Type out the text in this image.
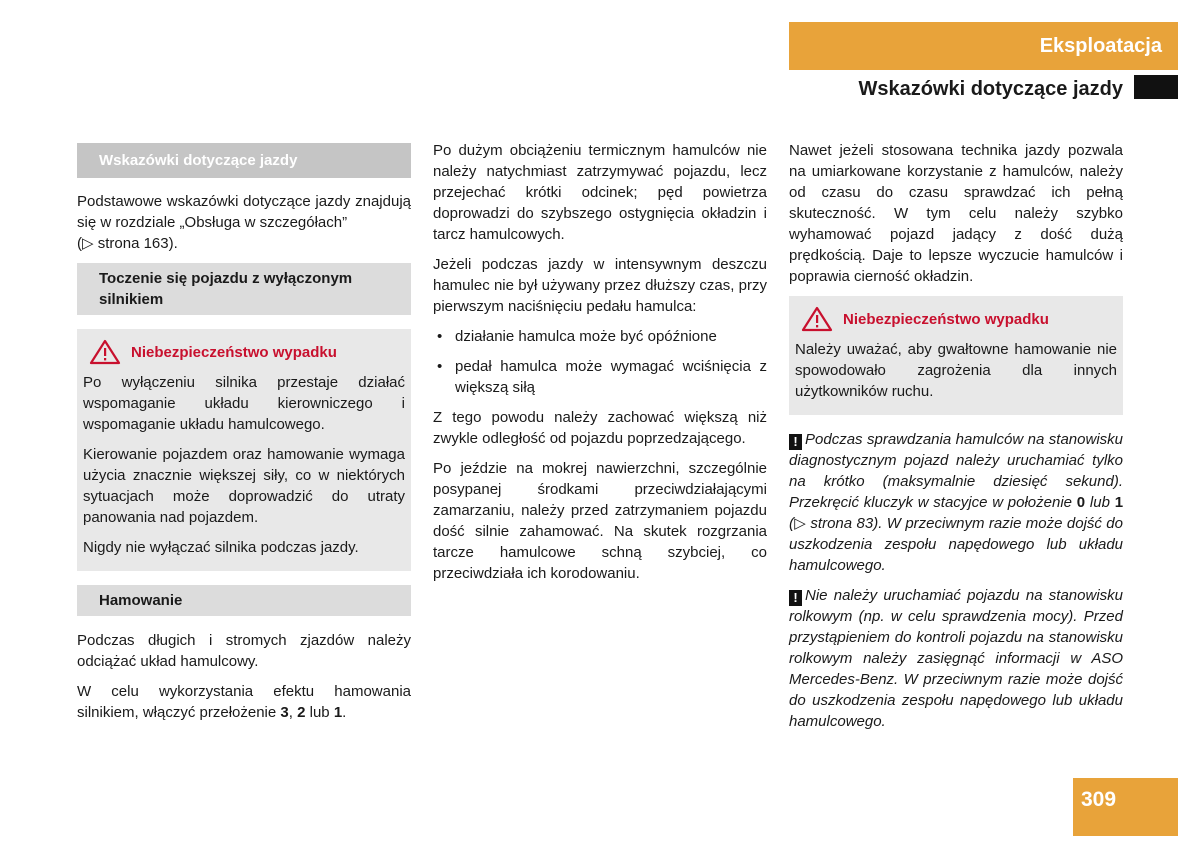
Eksploatacja
Wskazówki dotyczące jazdy
Wskazówki dotyczące jazdy

Podstawowe wskazówki dotyczące jazdy znajdują się w rozdziale „Obsługa w szczegółach”
(▷ strona 163).

Toczenie się pojazdu z wyłączonym silnikiem
Niebezpieczeństwo wypadku

Po wyłączeniu silnika przestaje działać wspomaganie układu kierowniczego i wspomaganie układu hamulcowego.

Kierowanie pojazdem oraz hamowanie wymaga użycia znacznie większej siły, co w niektórych sytuacjach może doprowadzić do utraty panowania nad pojazdem.

Nigdy nie wyłączać silnika podczas jazdy.

Hamowanie

Podczas długich i stromych zjazdów należy odciążać układ hamulcowy.

W celu wykorzystania efektu hamowania silnikiem, włączyć przełożenie 3, 2 lub 1.

Po dużym obciążeniu termicznym hamulców nie należy natychmiast zatrzymywać pojazdu, lecz przejechać krótki odcinek; pęd powietrza doprowadzi do szybszego ostygnięcia okładzin i tarcz hamulcowych.

Jeżeli podczas jazdy w intensywnym deszczu hamulec nie był używany przez dłuższy czas, przy pierwszym naciśnięciu pedału hamulca:

• działanie hamulca może być opóźnione
• pedał hamulca może wymagać wciśnięcia z większą siłą

Z tego powodu należy zachować większą niż zwykle odległość od pojazdu poprzedzającego.

Po jeździe na mokrej nawierzchni, szczególnie posypanej środkami przeciwdziałającymi zamarzaniu, należy przed zatrzymaniem pojazdu dość silnie zahamować. Na skutek rozgrzania tarcze hamulcowe schną szybciej, co przeciwdziała ich korodowaniu.

Nawet jeżeli stosowana technika jazdy pozwala na umiarkowane korzystanie z hamulców, należy od czasu do czasu sprawdzać ich pełną skuteczność. W tym celu należy szybko wyhamować pojazd jadący z dość dużą prędkością. Daje to lepsze wyczucie hamulców i poprawia cierność okładzin.

Niebezpieczeństwo wypadku

Należy uważać, aby gwałtowne hamowanie nie spowodowało zagrożenia dla innych użytkowników ruchu.

! Podczas sprawdzania hamulców na stanowisku diagnostycznym pojazd należy uruchamiać tylko na krótko (maksymalnie dziesięć sekund). Przekręcić kluczyk w stacyjce w położenie 0 lub 1 (▷ strona 83). W przeciwnym razie może dojść do uszkodzenia zespołu napędowego lub układu hamulcowego.

! Nie należy uruchamiać pojazdu na stanowisku rolkowym (np. w celu sprawdzenia mocy). Przed przystąpieniem do kontroli pojazdu na stanowisku rolkowym należy zasięgnąć informacji w ASO Mercedes-Benz. W przeciwnym razie może dojść do uszkodzenia zespołu napędowego lub układu hamulcowego.

309
